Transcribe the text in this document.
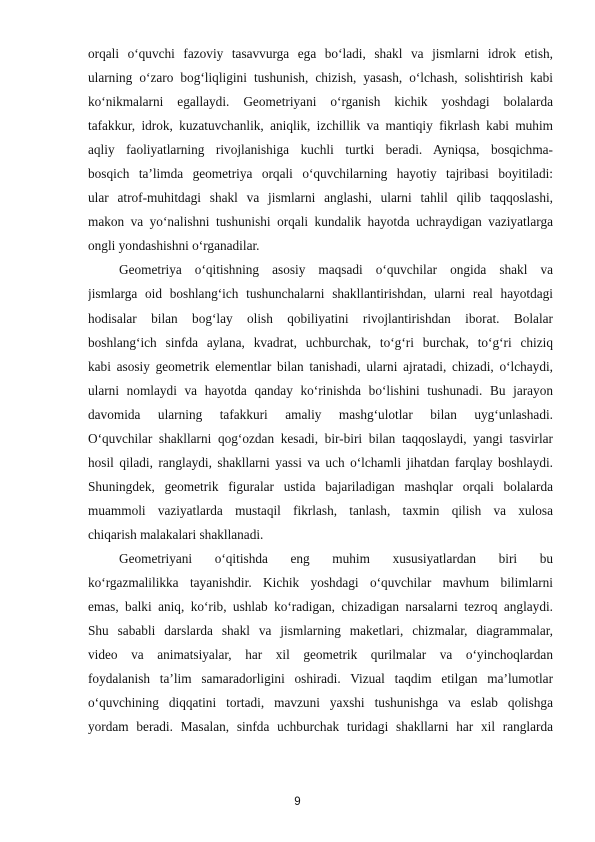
orqali o‘quvchi fazoviy tasavvurga ega bo‘ladi, shakl va jismlarni idrok etish,
ularning o‘zaro bog‘liqligini tushunish, chizish, yasash, o‘lchash, solishtirish kabi
ko‘nikmalarni egallaydi. Geometriyani o‘rganish kichik yoshdagi bolalarda
tafakkur, idrok, kuzatuvchanlik, aniqlik, izchillik va mantiqiy fikrlash kabi muhim
aqliy faoliyatlarning rivojlanishiga kuchli turtki beradi. Ayniqsa, bosqichma-
bosqich ta’limda geometriya orqali o‘quvchilarning hayotiy tajribasi boyitiladi:
ular atrof-muhitdagi shakl va jismlarni anglashi, ularni tahlil qilib taqqoslashi,
makon va yo‘nalishni tushunishi orqali kundalik hayotda uchraydigan vaziyatlarga
ongli yondashishni o‘rganadilar.
Geometriya o‘qitishning asosiy maqsadi o‘quvchilar ongida shakl va
jismlarga oid boshlang‘ich tushunchalarni shakllantirishdan, ularni real hayotdagi
hodisalar bilan bog‘lay olish qobiliyatini rivojlantirishdan iborat. Bolalar
boshlang‘ich sinfda aylana, kvadrat, uchburchak, to‘g‘ri burchak, to‘g‘ri chiziq
kabi asosiy geometrik elementlar bilan tanishadi, ularni ajratadi, chizadi, o‘lchaydi,
ularni nomlaydi va hayotda qanday ko‘rinishda bo‘lishini tushunadi. Bu jarayon
davomida ularning tafakkuri amaliy mashg‘ulotlar bilan uyg‘unlashadi.
O‘quvchilar shakllarni qog‘ozdan kesadi, bir-biri bilan taqqoslaydi, yangi tasvirlar
hosil qiladi, ranglaydi, shakllarni yassi va uch o‘lchamli jihatdan farqlay boshlaydi.
Shuningdek, geometrik figuralar ustida bajariladigan mashqlar orqali bolalarda
muammoli vaziyatlarda mustaqil fikrlash, tanlash, taxmin qilish va xulosa
chiqarish malakalari shakllanadi.
Geometriyani o‘qitishda eng muhim xususiyatlardan biri bu
ko‘rgazmalilikka tayanishdir. Kichik yoshdagi o‘quvchilar mavhum bilimlarni
emas, balki aniq, ko‘rib, ushlab ko‘radigan, chizadigan narsalarni tezroq anglaydi.
Shu sababli darslarda shakl va jismlarning maketlari, chizmalar, diagrammalar,
video va animatsiyalar, har xil geometrik qurilmalar va o‘yinchoqlardan
foydalanish ta’lim samaradorligini oshiradi. Vizual taqdim etilgan ma’lumotlar
o‘quvchining diqqatini tortadi, mavzuni yaxshi tushunishga va eslab qolishga
yordam beradi. Masalan, sinfda uchburchak turidagi shakllarni har xil ranglarda
9
